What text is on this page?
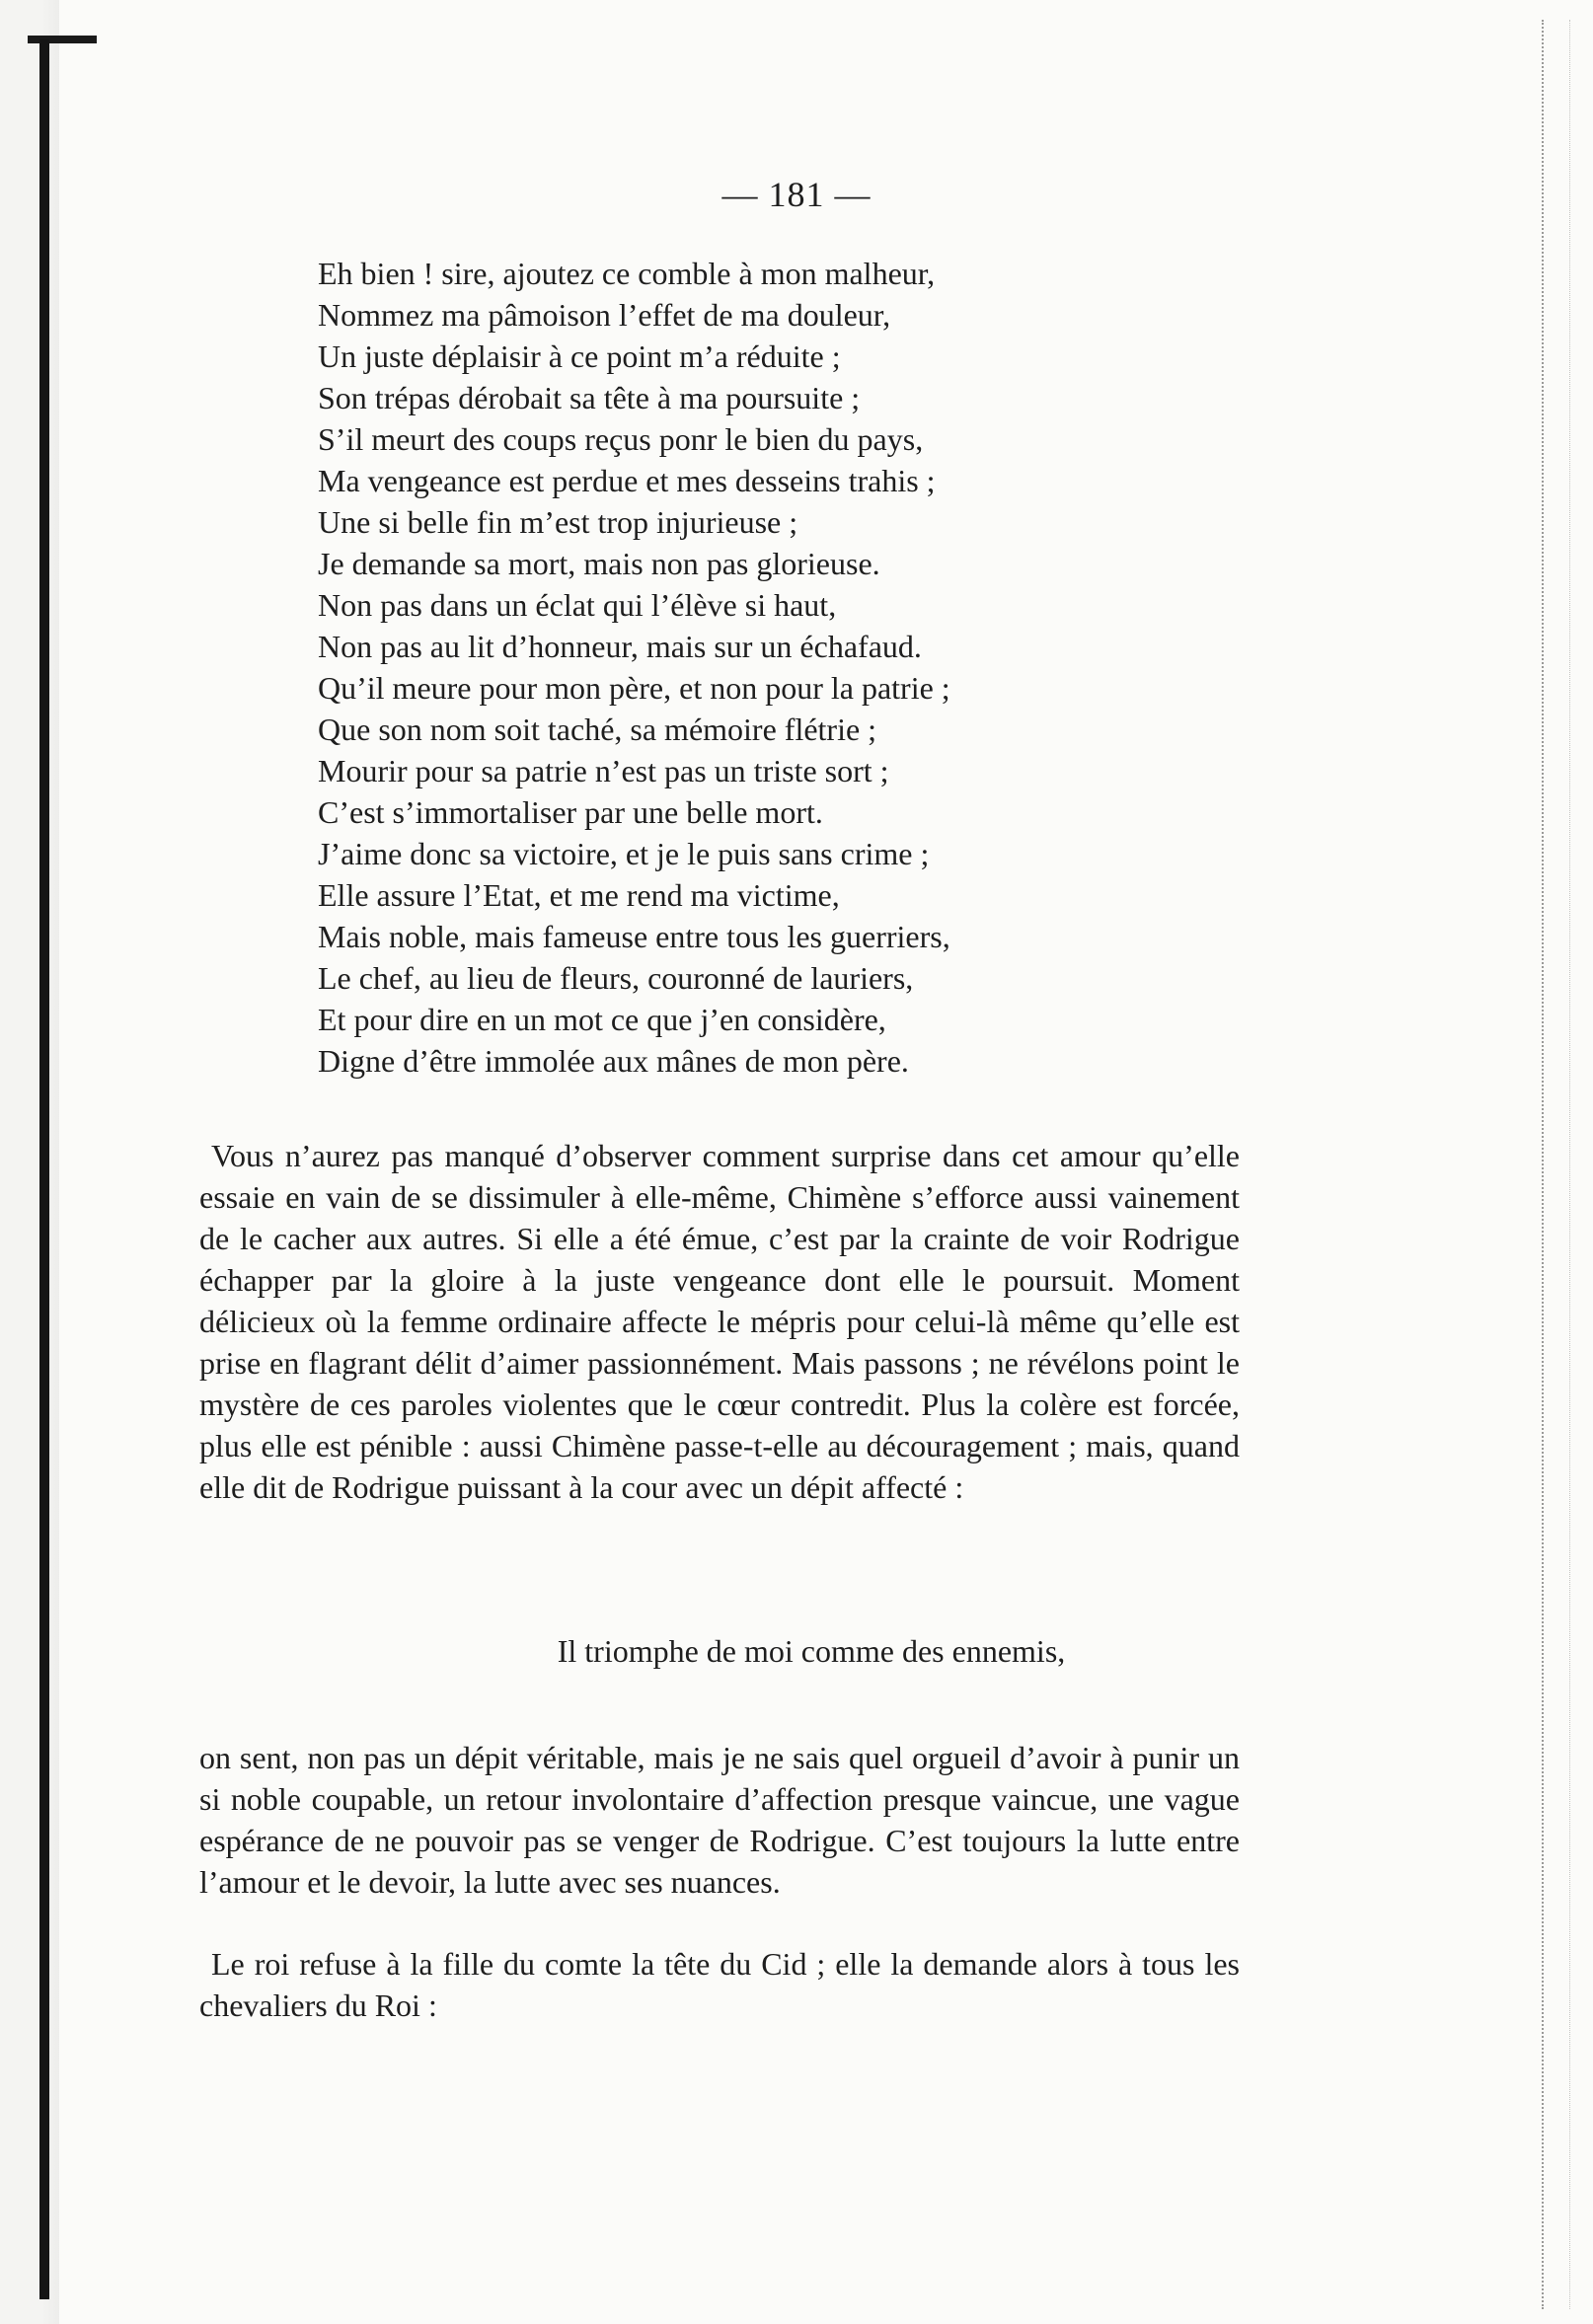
— 181 —
Eh bien ! sire, ajoutez ce comble à mon malheur,
Nommez ma pâmoison l’effet de ma douleur,
Un juste déplaisir à ce point m’a réduite ;
Son trépas dérobait sa tête à ma poursuite ;
S’il meurt des coups reçus ponr le bien du pays,
Ma vengeance est perdue et mes desseins trahis ;
Une si belle fin m’est trop injurieuse ;
Je demande sa mort, mais non pas glorieuse.
Non pas dans un éclat qui l’élève si haut,
Non pas au lit d’honneur, mais sur un échafaud.
Qu’il meure pour mon père, et non pour la patrie ;
Que son nom soit taché, sa mémoire flétrie ;
Mourir pour sa patrie n’est pas un triste sort ;
C’est s’immortaliser par une belle mort.
J’aime donc sa victoire, et je le puis sans crime ;
Elle assure l’Etat, et me rend ma victime,
Mais noble, mais fameuse entre tous les guerriers,
Le chef, au lieu de fleurs, couronné de lauriers,
Et pour dire en un mot ce que j’en considère,
Digne d’être immolée aux mânes de mon père.

Vous n’aurez pas manqué d’observer comment surprise dans cet amour qu’elle essaie en vain de se dissimuler à elle-même, Chimène s’efforce aussi vainement de le cacher aux autres. Si elle a été émue, c’est par la crainte de voir Rodrigue échapper par la gloire à la juste vengeance dont elle le poursuit. Moment délicieux où la femme ordinaire affecte le mépris pour celui-là même qu’elle est prise en flagrant délit d’aimer passionnément. Mais passons ; ne révélons point le mystère de ces paroles violentes que le cœur contredit. Plus la colère est forcée, plus elle est pénible : aussi Chimène passe-t-elle au découragement ; mais, quand elle dit de Rodrigue puissant à la cour avec un dépit affecté :

Il triomphe de moi comme des ennemis,

on sent, non pas un dépit véritable, mais je ne sais quel orgueil d’avoir à punir un si noble coupable, un retour involontaire d’affection presque vaincue, une vague espérance de ne pouvoir pas se venger de Rodrigue. C’est toujours la lutte entre l’amour et le devoir, la lutte avec ses nuances.

Le roi refuse à la fille du comte la tête du Cid ; elle la demande alors à tous les chevaliers du Roi :
